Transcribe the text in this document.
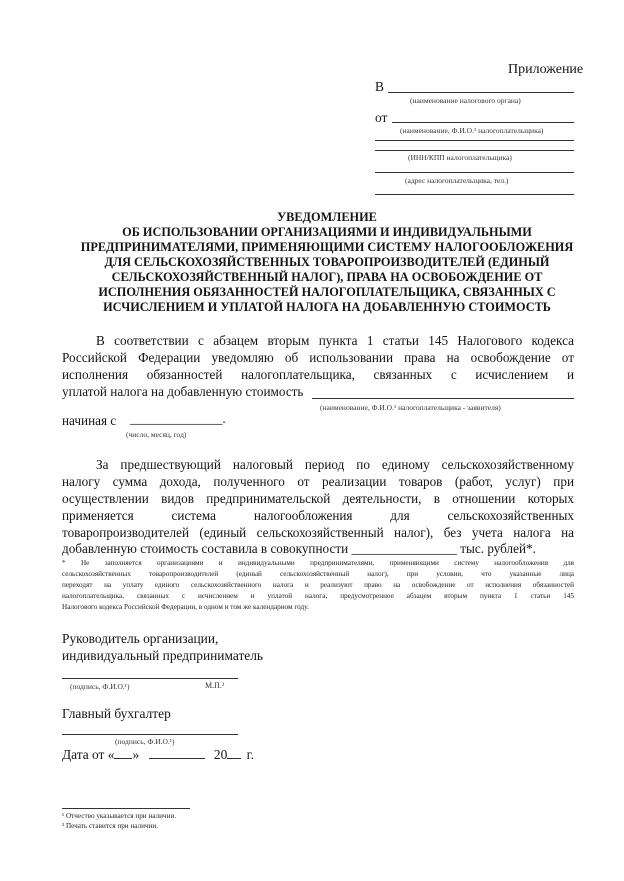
Приложение
В
(наименование налогового органа)
от
(наименование, Ф.И.О.¹ налогоплательщика)
(ИНН/КПП налогоплательщика)
(адрес налогоплательщика, тел.)
УВЕДОМЛЕНИЕ
ОБ ИСПОЛЬЗОВАНИИ ОРГАНИЗАЦИЯМИ И ИНДИВИДУАЛЬНЫМИ
ПРЕДПРИНИМАТЕЛЯМИ, ПРИМЕНЯЮЩИМИ СИСТЕМУ НАЛОГООБЛОЖЕНИЯ
ДЛЯ СЕЛЬСКОХОЗЯЙСТВЕННЫХ ТОВАРОПРОИЗВОДИТЕЛЕЙ (ЕДИНЫЙ
СЕЛЬСКОХОЗЯЙСТВЕННЫЙ НАЛОГ), ПРАВА НА ОСВОБОЖДЕНИЕ ОТ
ИСПОЛНЕНИЯ ОБЯЗАННОСТЕЙ НАЛОГОПЛАТЕЛЬЩИКА, СВЯЗАННЫХ С
ИСЧИСЛЕНИЕМ И УПЛАТОЙ НАЛОГА НА ДОБАВЛЕННУЮ СТОИМОСТЬ
В соответствии с абзацем вторым пункта 1 статьи 145 Налогового кодекса
Российской Федерации уведомляю об использовании права на освобождение от
исполнения обязанностей налогоплательщика, связанных с исчислением и
уплатой налога на добавленную стоимость
(наименование, Ф.И.О.¹ налогоплательщика - заявителя)
начиная с ______________.
(число, месяц, год)
За предшествующий налоговый период по единому сельскохозяйственному
налогу сумма дохода, полученного от реализации товаров (работ, услуг) при
осуществлении видов предпринимательской деятельности, в отношении которых
применяется система налогообложения для сельскохозяйственных
товаропроизводителей (единый сельскохозяйственный налог), без учета налога на
добавленную стоимость составила в совокупности ________________ тыс. рублей*.
* Не заполняется организациями и индивидуальными предпринимателями, применяющими систему налогообложения для
сельскохозяйственных товаропроизводителей (единый сельскохозяйственный налог), при условии, что указанные лица
переходят на уплату единого сельскохозяйственного налога и реализуют право на освобождение от исполнения обязанностей
налогоплательщика, связанных с исчислением и уплатой налога, предусмотренное абзацем вторым пункта 1 статьи 145
Налогового кодекса Российской Федерации, в одном и том же календарном году.
Руководитель организации,
индивидуальный предприниматель
(подпись, Ф.И.О.¹)	М.П.²
Главный бухгалтер
(подпись, Ф.И.О.¹)
Дата от « »	20 г.
¹ Отчество указывается при наличии.
² Печать ставится при наличии.
